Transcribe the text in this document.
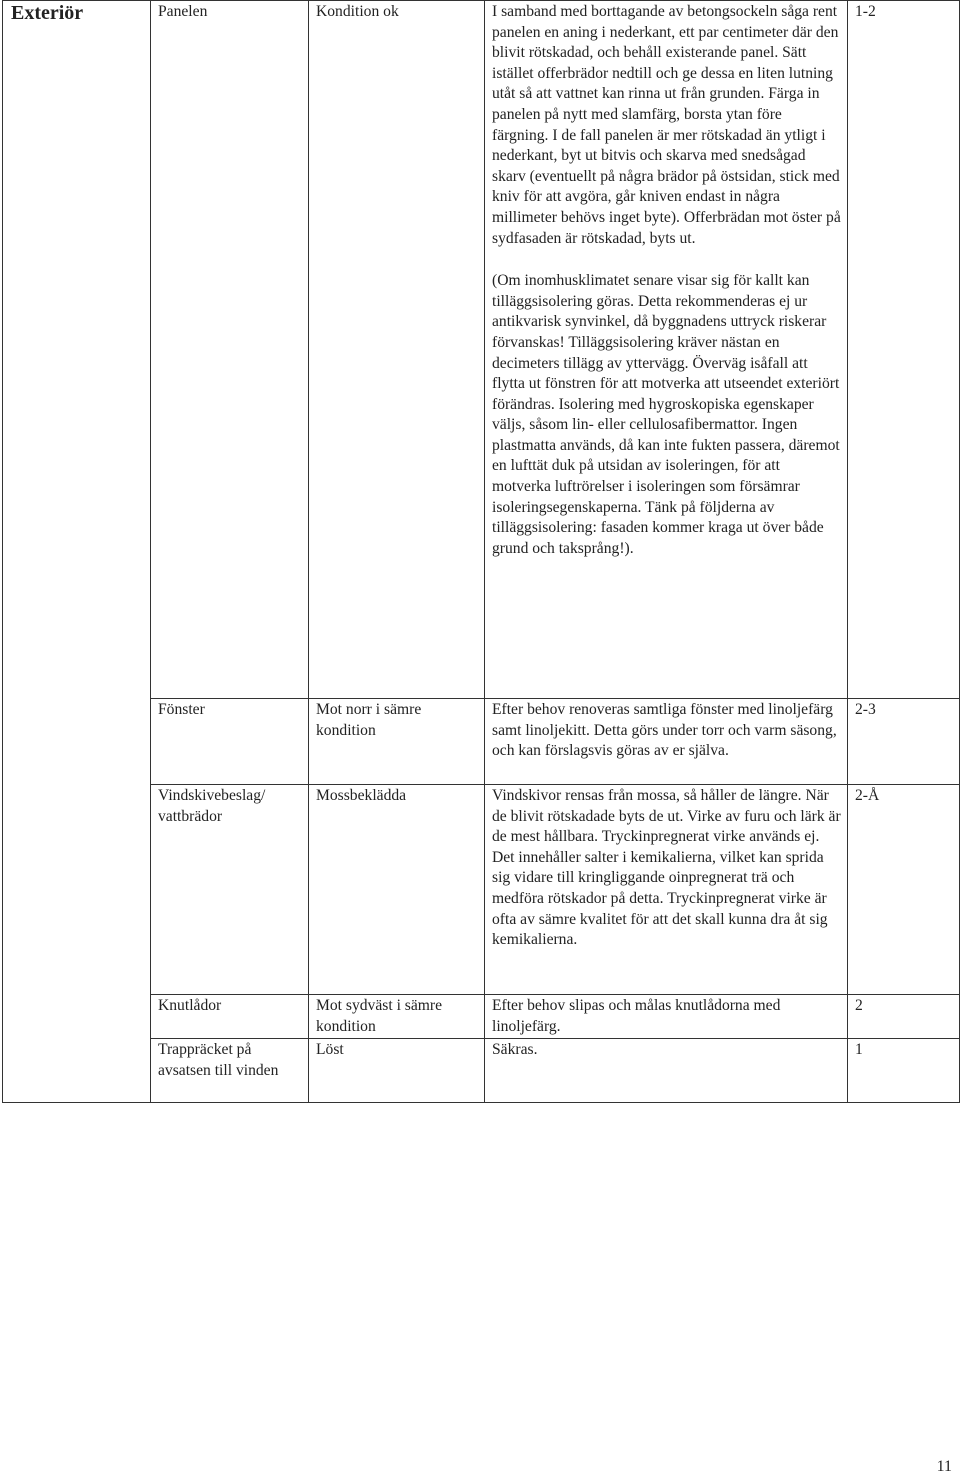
Exteriör	Panelen	Kondition ok	I samband med borttagande av betongsockeln såga rent panelen en aning i nederkant, ett par centimeter där den blivit rötskadad, och behåll existerande panel. Sätt istället offerbrädor nedtill och ge dessa en liten lutning utåt så att vattnet kan rinna ut från grunden. Färga in panelen på nytt med slamfärg, borsta ytan före färgning. I de fall panelen är mer rötskadad än ytligt i nederkant, byt ut bitvis och skarva med snedsågad skarv (eventuellt på några brädor på östsidan, stick med kniv för att avgöra, går kniven endast in några millimeter behövs inget byte). Offerbrädan mot öster på sydfasaden är rötskadad, byts ut.
(Om inomhusklimatet senare visar sig för kallt kan tilläggsisolering göras. Detta rekommenderas ej ur antikvarisk synvinkel, då byggnadens uttryck riskerar förvanskas! Tilläggsisolering kräver nästan en decimeters tillägg av yttervägg. Överväg isåfall att flytta ut fönstren för att motverka att utseendet exteriört förändras. Isolering med hygroskopiska egenskaper väljs, såsom lin- eller cellulosafibermattor. Ingen plastmatta används, då kan inte fukten passera, däremot en lufttät duk på utsidan av isoleringen, för att motverka luftrörelser i isoleringen som försämrar isoleringsegenskaperna. Tänk på följderna av tilläggsisolering: fasaden kommer kraga ut över både grund och taksprång!).	1-2
	Fönster	Mot norr i sämre kondition	Efter behov renoveras samtliga fönster med linoljefärg samt linoljekitt. Detta görs under torr och varm säsong, och kan förslagsvis göras av er själva.	2-3
	Vindskivebeslag/ vattbrädor	Mossbeklädda	Vindskivor rensas från mossa, så håller de längre. När de blivit rötskadade byts de ut. Virke av furu och lärk är de mest hållbara. Tryckinpregnerat virke används ej. Det innehåller salter i kemikalierna, vilket kan sprida sig vidare till kringliggande oinpregnerat trä och medföra rötskador på detta. Tryckinpregnerat virke är ofta av sämre kvalitet för att det skall kunna dra åt sig kemikalierna.	2-Å
	Knutlådor	Mot sydväst i sämre kondition	Efter behov slipas och målas knutlådorna med linoljefärg.	2
	Trappräcket på avsatsen till vinden	Löst	Säkras.	1
11
